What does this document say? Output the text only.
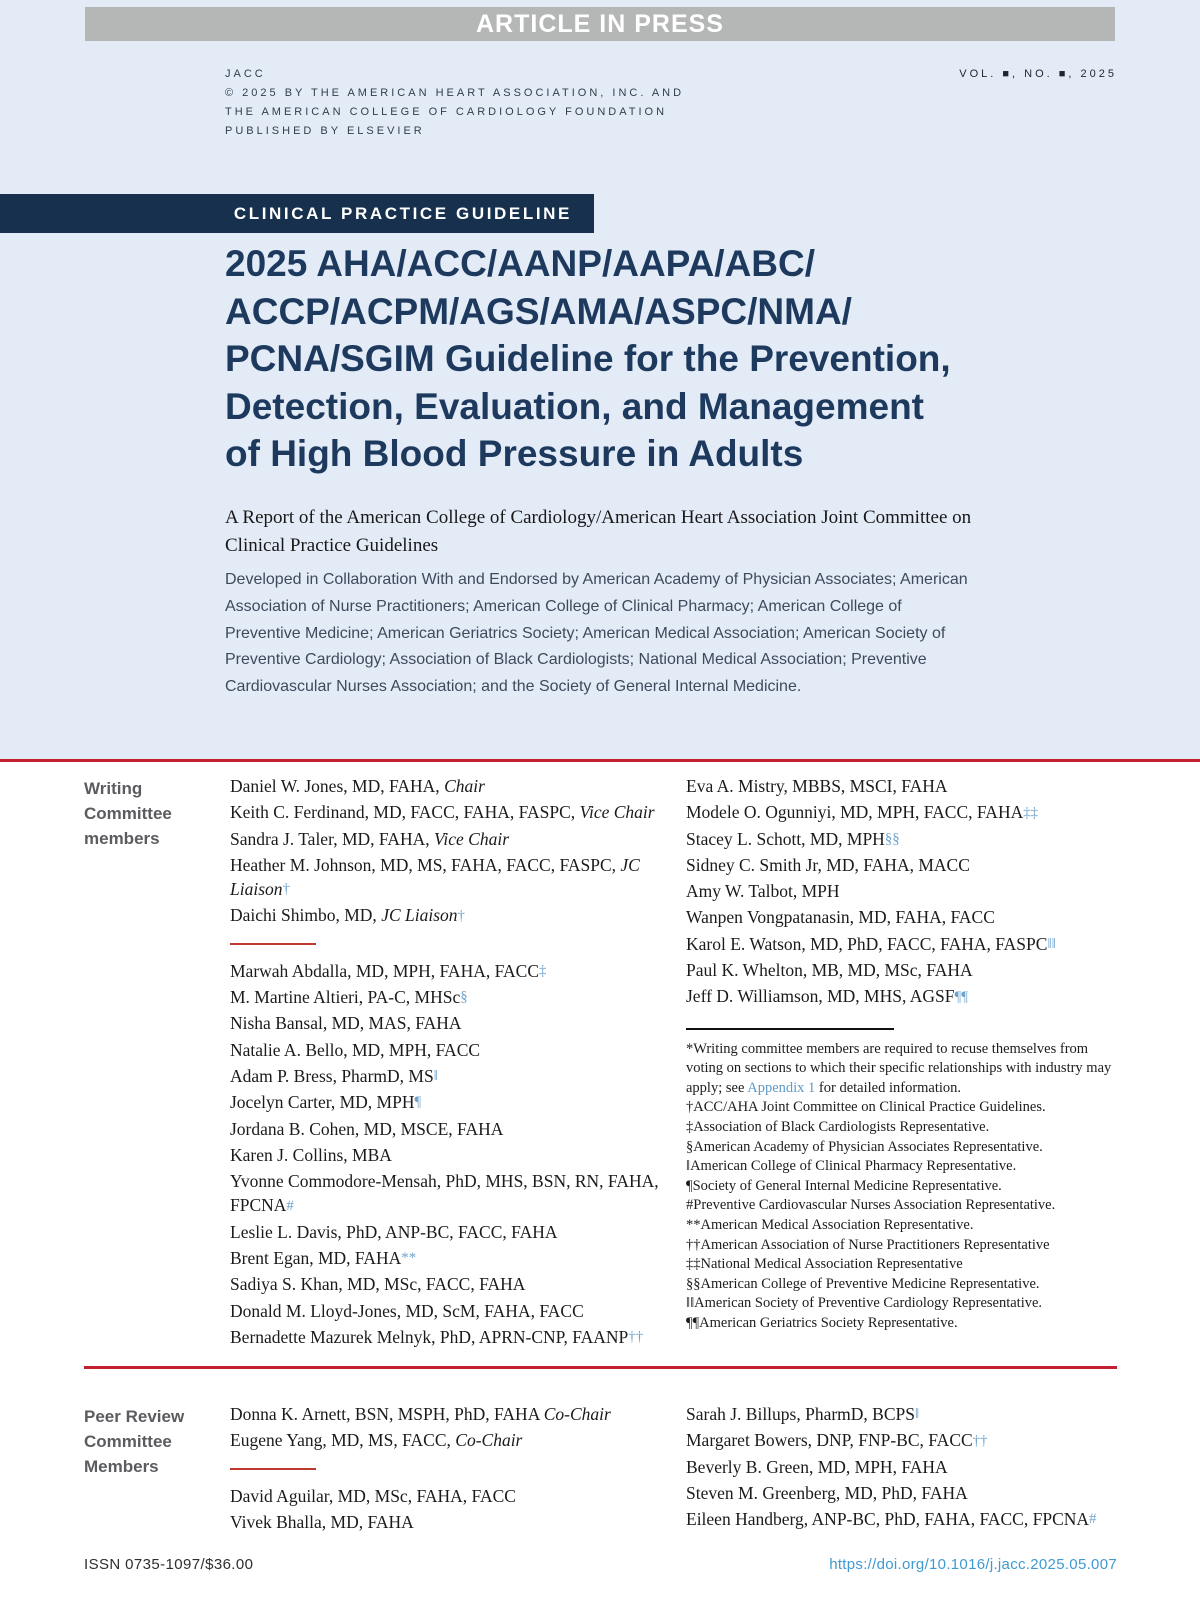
ARTICLE IN PRESS
JACC
© 2025 BY THE AMERICAN HEART ASSOCIATION, INC. AND
THE AMERICAN COLLEGE OF CARDIOLOGY FOUNDATION
PUBLISHED BY ELSEVIER
VOL. ■, NO. ■, 2025
CLINICAL PRACTICE GUIDELINE
2025 AHA/ACC/AANP/AAPA/ABC/
ACCP/ACPM/AGS/AMA/ASPC/NMA/
PCNA/SGIM Guideline for the Prevention,
Detection, Evaluation, and Management
of High Blood Pressure in Adults
A Report of the American College of Cardiology/American Heart Association Joint Committee on Clinical Practice Guidelines
Developed in Collaboration With and Endorsed by American Academy of Physician Associates; American Association of Nurse Practitioners; American College of Clinical Pharmacy; American College of Preventive Medicine; American Geriatrics Society; American Medical Association; American Society of Preventive Cardiology; Association of Black Cardiologists; National Medical Association; Preventive Cardiovascular Nurses Association; and the Society of General Internal Medicine.
Writing
Committee
members
Daniel W. Jones, MD, FAHA, Chair
Keith C. Ferdinand, MD, FACC, FAHA, FASPC, Vice Chair
Sandra J. Taler, MD, FAHA, Vice Chair
Heather M. Johnson, MD, MS, FAHA, FACC, FASPC, JC Liaison†
Daichi Shimbo, MD, JC Liaison†
Marwah Abdalla, MD, MPH, FAHA, FACC‡
M. Martine Altieri, PA-C, MHSc§
Nisha Bansal, MD, MAS, FAHA
Natalie A. Bello, MD, MPH, FACC
Adam P. Bress, PharmD, MS‖
Jocelyn Carter, MD, MPH¶
Jordana B. Cohen, MD, MSCE, FAHA
Karen J. Collins, MBA
Yvonne Commodore-Mensah, PhD, MHS, BSN, RN, FAHA, FPCNA#
Leslie L. Davis, PhD, ANP-BC, FACC, FAHA
Brent Egan, MD, FAHA**
Sadiya S. Khan, MD, MSc, FACC, FAHA
Donald M. Lloyd-Jones, MD, ScM, FAHA, FACC
Bernadette Mazurek Melnyk, PhD, APRN-CNP, FAANP††
Eva A. Mistry, MBBS, MSCI, FAHA
Modele O. Ogunniyi, MD, MPH, FACC, FAHA‡‡
Stacey L. Schott, MD, MPH§§
Sidney C. Smith Jr, MD, FAHA, MACC
Amy W. Talbot, MPH
Wanpen Vongpatanasin, MD, FAHA, FACC
Karol E. Watson, MD, PhD, FACC, FAHA, FASPC‖‖
Paul K. Whelton, MB, MD, MSc, FAHA
Jeff D. Williamson, MD, MHS, AGSF¶¶

*Writing committee members are required to recuse themselves from voting on sections to which their specific relationships with industry may apply; see Appendix 1 for detailed information.

†ACC/AHA Joint Committee on Clinical Practice Guidelines.

‡Association of Black Cardiologists Representative.

§American Academy of Physician Associates Representative.

‖American College of Clinical Pharmacy Representative.

¶Society of General Internal Medicine Representative.

#Preventive Cardiovascular Nurses Association Representative.

**American Medical Association Representative.

††American Association of Nurse Practitioners Representative

‡‡National Medical Association Representative

§§American College of Preventive Medicine Representative.

‖‖American Society of Preventive Cardiology Representative.

¶¶American Geriatrics Society Representative.

Peer Review
Committee
Members
Donna K. Arnett, BSN, MSPH, PhD, FAHA Co-Chair
Eugene Yang, MD, MS, FACC, Co-Chair
David Aguilar, MD, MSc, FAHA, FACC
Vivek Bhalla, MD, FAHA
Sarah J. Billups, PharmD, BCPS‖
Margaret Bowers, DNP, FNP-BC, FACC††
Beverly B. Green, MD, MPH, FAHA
Steven M. Greenberg, MD, PhD, FAHA
Eileen Handberg, ANP-BC, PhD, FAHA, FACC, FPCNA#
ISSN 0735-1097/$36.00	https://doi.org/10.1016/j.jacc.2025.05.007
